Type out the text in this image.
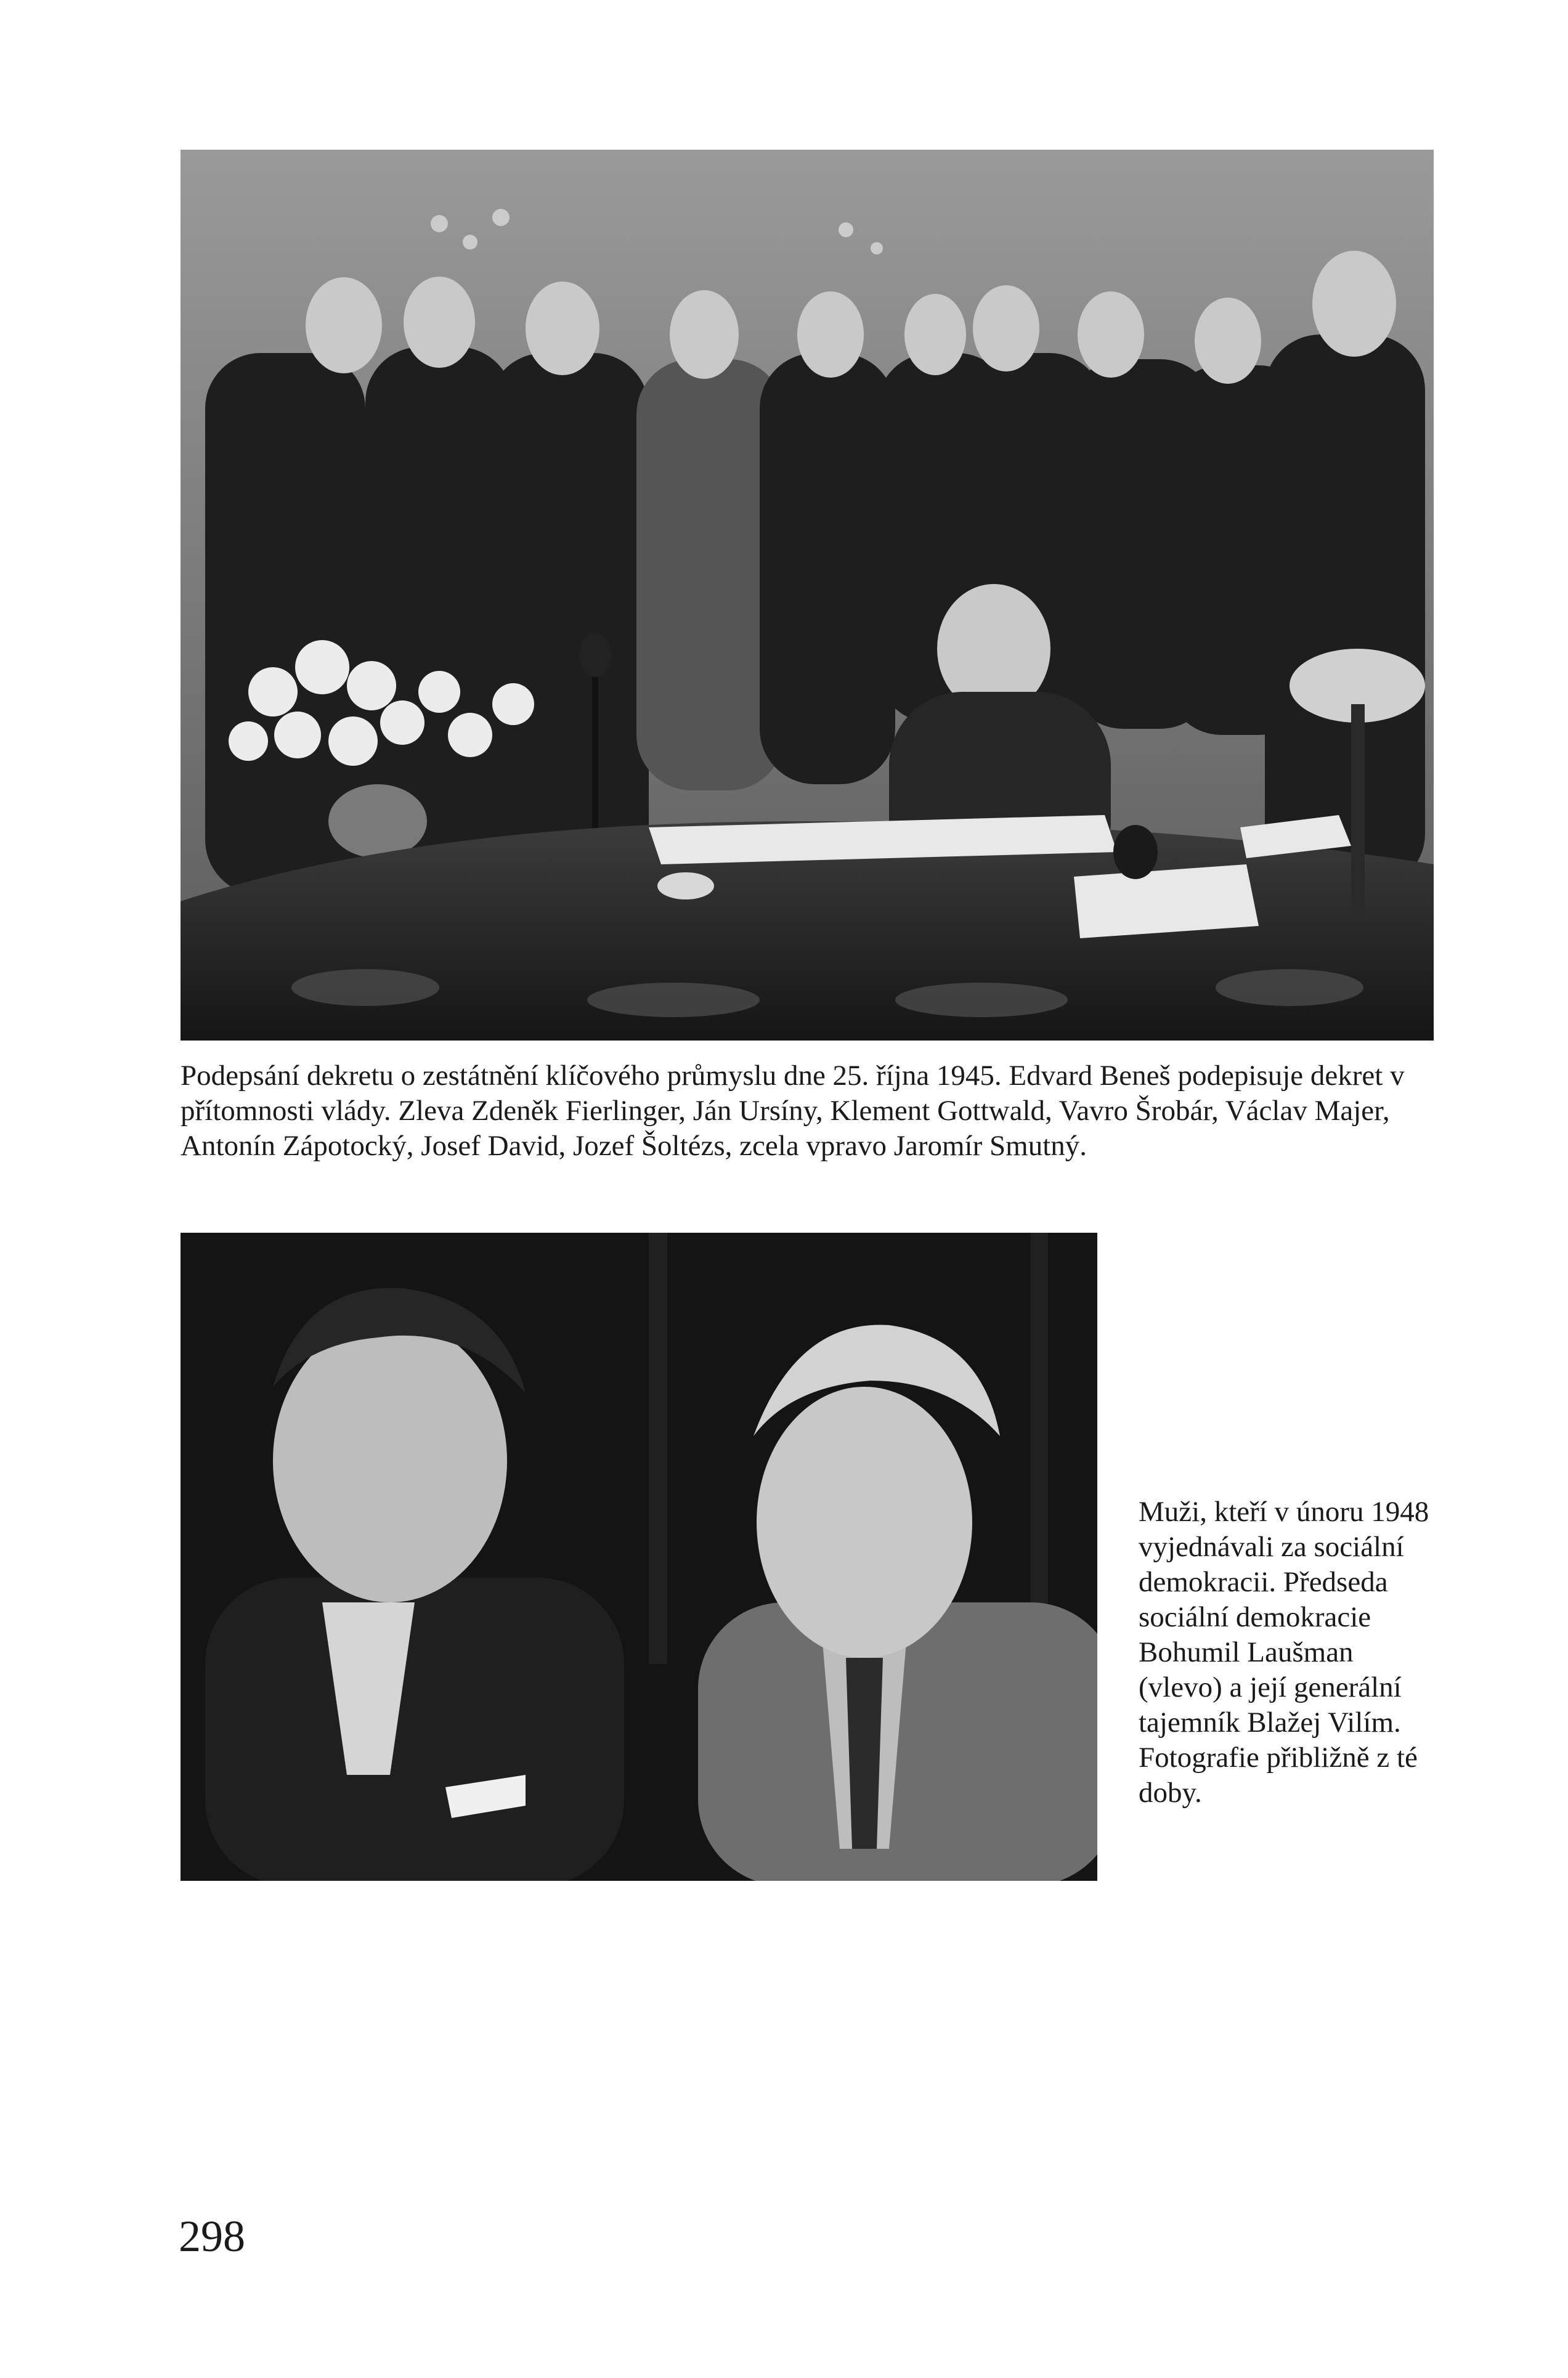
Podepsání dekretu o zestátnění klíčového průmyslu dne 25. října 1945. Edvard Beneš podepisuje dekret v přítomnosti vlády. Zleva Zdeněk Fierlinger, Ján Ursíny, Klement Gottwald, Vavro Šrobár, Václav Majer, Antonín Zápotocký, Josef David, Jozef Šoltézs, zcela vpravo Jaromír Smutný.

Muži, kteří v únoru 1948 vyjednávali za sociální demokracii. Předseda sociální demokracie Bohumil Laušman (vlevo) a její generální tajemník Blažej Vilím. Fotografie přibližně z té doby.

298
